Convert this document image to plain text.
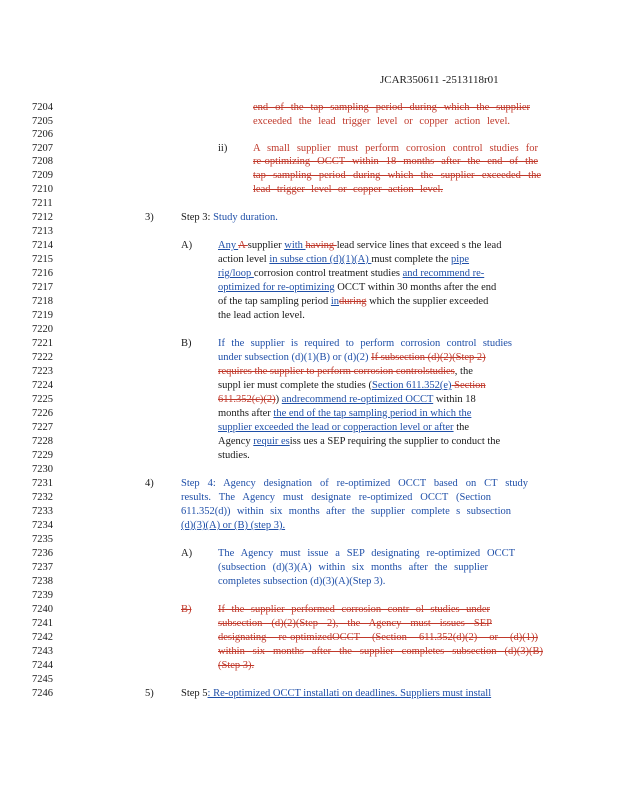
JCAR350611 -2513118r01
7204
7205
7206
7207
7208
7209
7210
7211
7212
7213
7214
7215
7216
7217
7218
7219
7220
7221
7222
7223
7224
7225
7226
7227
7228
7229
7230
7231
7232
7233
7234
7235
7236
7237
7238
7239
7240
7241
7242
7243
7244
7245
7246
end of the tap sampling period during which the supplier
exceeded the lead trigger level or copper action level.
ii) A small supplier must perform corrosion control studies for
re-optimizing OCCT within 18 months after the end of the
tap sampling period during which the supplier exceeded the
lead trigger level or copper action level.
3)	Step 3: Study duration.
A) Any A supplier with having lead service lines that exceed s the lead
action level in subse ction (d)(1)(A) must complete the pipe
rig/loop corrosion control treatment studies and recommend re-
optimized for re-optimizing OCCT within 30 months after the end
of the tap sampling period induring which the supplier exceeded
the lead action level.
B)	If the supplier is required to perform corrosion control studies
under subsection (d)(1)(B) or (d)(2) If subsection (d)(2)(Step 2)
requires the supplier to perform corrosion controlstudies, the
suppl ier must complete the studies (Section 611.352(e) Section
611.352(c)(2)) andrecommend re-optimized OCCT within 18
months after the end of the tap sampling period in which the
supplier exceeded the lead or copperaction level or after the
Agency requir esiss ues a SEP requiring the supplier to conduct the
studies.
4)	Step 4: Agency designation of re-optimized OCCT based on CT study
results. The Agency must designate re-optimized OCCT (Section
611.352(d)) within six months after the supplier complete s subsection
(d)(3)(A) or (B) (step 3).
A) The Agency must issue a SEP designating re-optimized OCCT
(subsection (d)(3)(A) within six months after the supplier
completes subsection (d)(3)(A)(Step 3).
B)	If the supplier performed corrosion contr ol studies under
subsection (d)(2)(Step 2), the Agency must issues SEP
designating re-optimizedOCCT (Section 611.352(d)(2) or (d)(1))
within six months after the supplier completes subsection (d)(3)(B)
(Step 3).
5)	Step 5: Re-optimized OCCT installati on deadlines. Suppliers must install
